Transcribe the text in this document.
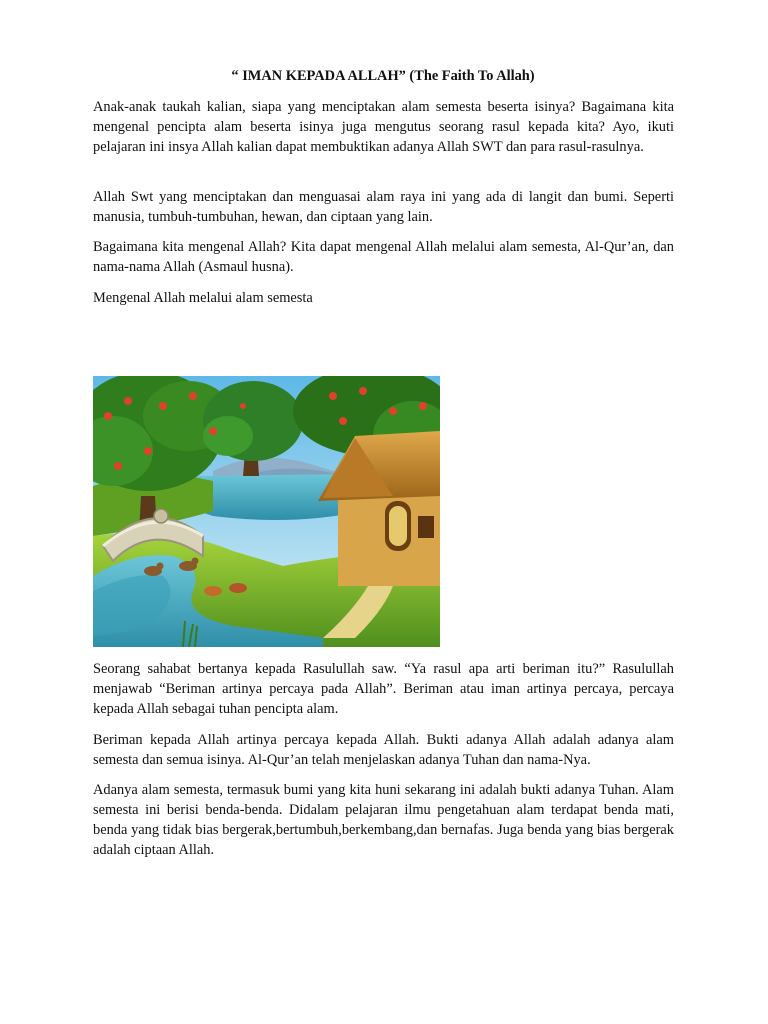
“ IMAN KEPADA ALLAH” (The Faith To Allah)

Anak-anak taukah kalian, siapa yang menciptakan alam semesta beserta isinya? Bagaimana kita mengenal pencipta alam beserta isinya juga mengutus seorang rasul kepada kita? Ayo, ikuti pelajaran ini insya Allah kalian dapat membuktikan adanya Allah SWT dan para rasul-rasulnya.

Allah Swt yang menciptakan dan menguasai alam raya ini yang ada di langit dan bumi. Seperti manusia, tumbuh-tumbuhan, hewan, dan ciptaan yang lain.

Bagaimana kita mengenal Allah? Kita dapat mengenal Allah melalui alam semesta, Al-Qur’an, dan nama-nama Allah (Asmaul husna).

Mengenal Allah melalui alam semesta

Seorang sahabat bertanya kepada Rasulullah saw. “Ya rasul apa arti beriman itu?” Rasulullah menjawab “Beriman artinya percaya pada Allah”. Beriman atau iman artinya percaya, percaya kepada Allah sebagai tuhan pencipta alam.

Beriman kepada Allah artinya percaya kepada Allah. Bukti adanya Allah adalah adanya alam semesta dan semua isinya. Al-Qur’an telah menjelaskan adanya Tuhan dan nama-Nya.

Adanya alam semesta, termasuk bumi yang kita huni sekarang ini adalah bukti adanya Tuhan. Alam semesta ini berisi benda-benda. Didalam pelajaran ilmu pengetahuan alam terdapat benda mati, benda yang tidak bias bergerak,bertumbuh,berkembang,dan bernafas. Juga benda yang bias bergerak adalah ciptaan Allah.
